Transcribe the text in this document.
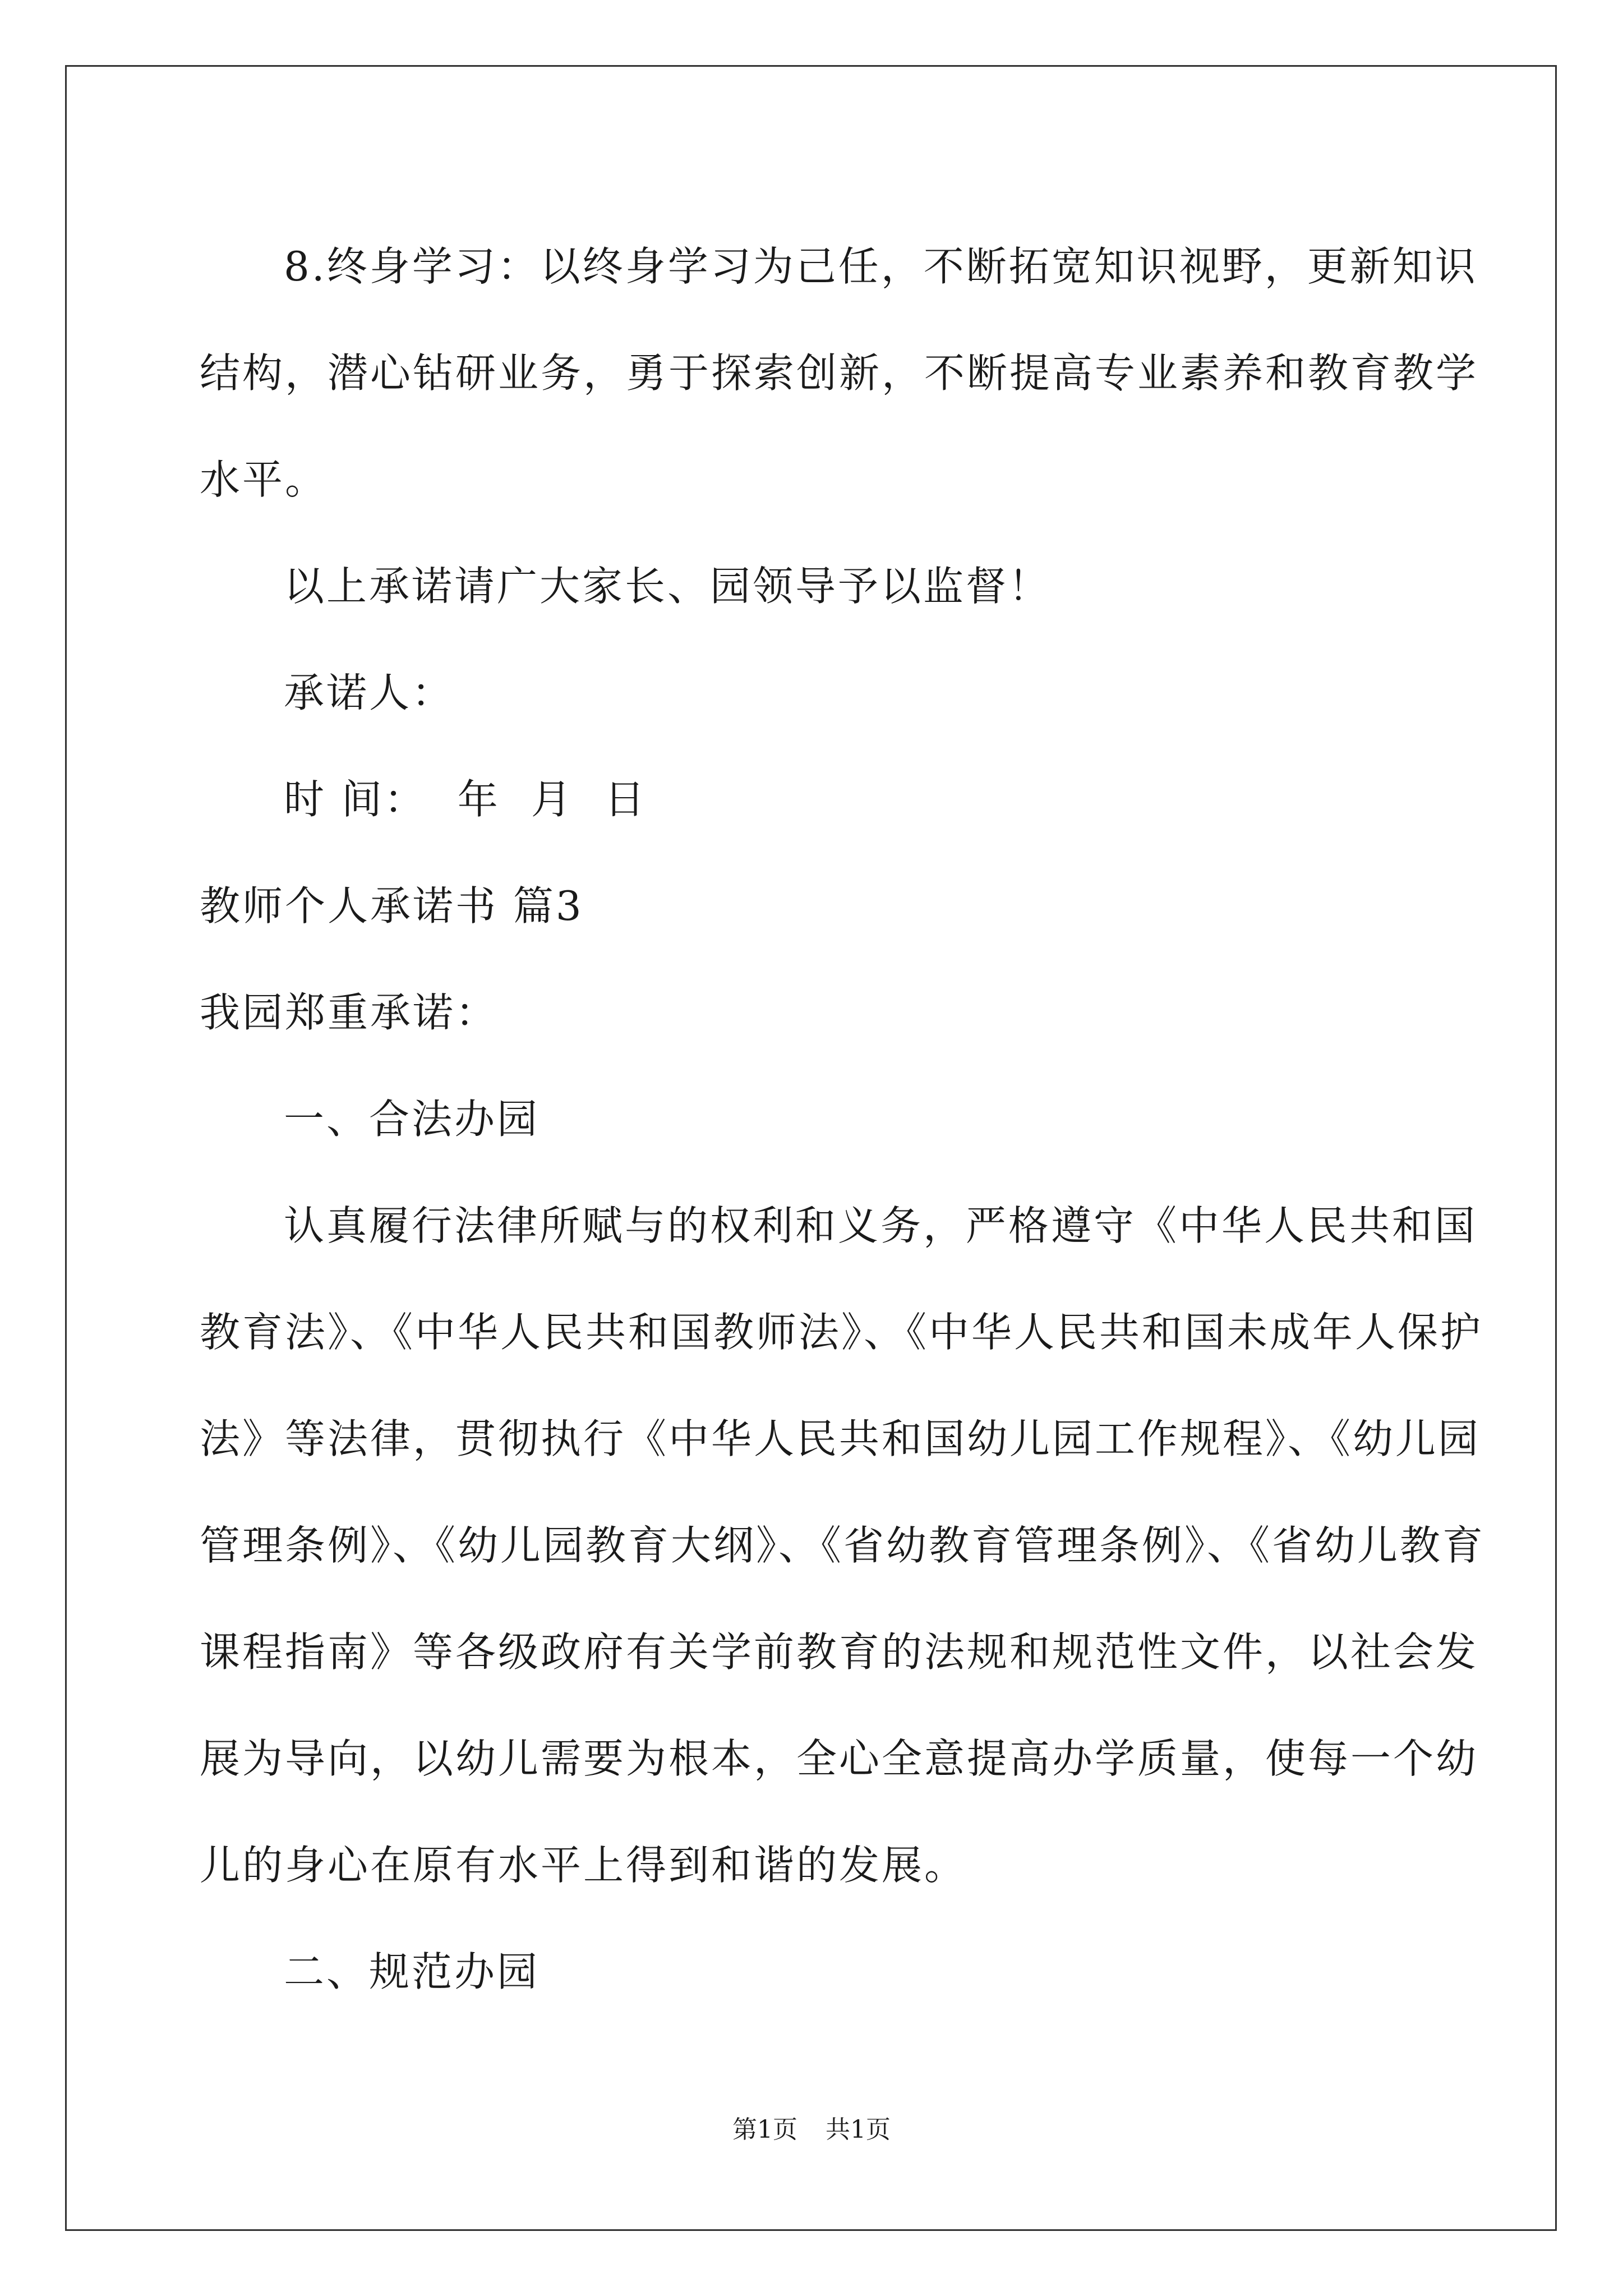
8.终身学习：以终身学习为己任，不断拓宽知识视野，更新知识
结构，潜心钻研业务，勇于探索创新，不断提高专业素养和教育教学
水平。
以上承诺请广大家长、园领导予以监督！
承诺人：
时 间： 年 月 日
教师个人承诺书 篇3
我园郑重承诺：
一、合法办园
认真履行法律所赋与的权利和义务，严格遵守《中华人民共和国
教育法》、《中华人民共和国教师法》、《中华人民共和国未成年人保护
法》等法律，贯彻执行《中华人民共和国幼儿园工作规程》、《幼儿园
管理条例》、《幼儿园教育大纲》、《省幼教育管理条例》、《省幼儿教育
课程指南》等各级政府有关学前教育的法规和规范性文件，以社会发
展为导向，以幼儿需要为根本，全心全意提高办学质量，使每一个幼
儿的身心在原有水平上得到和谐的发展。
二、规范办园
第1页 共1页
